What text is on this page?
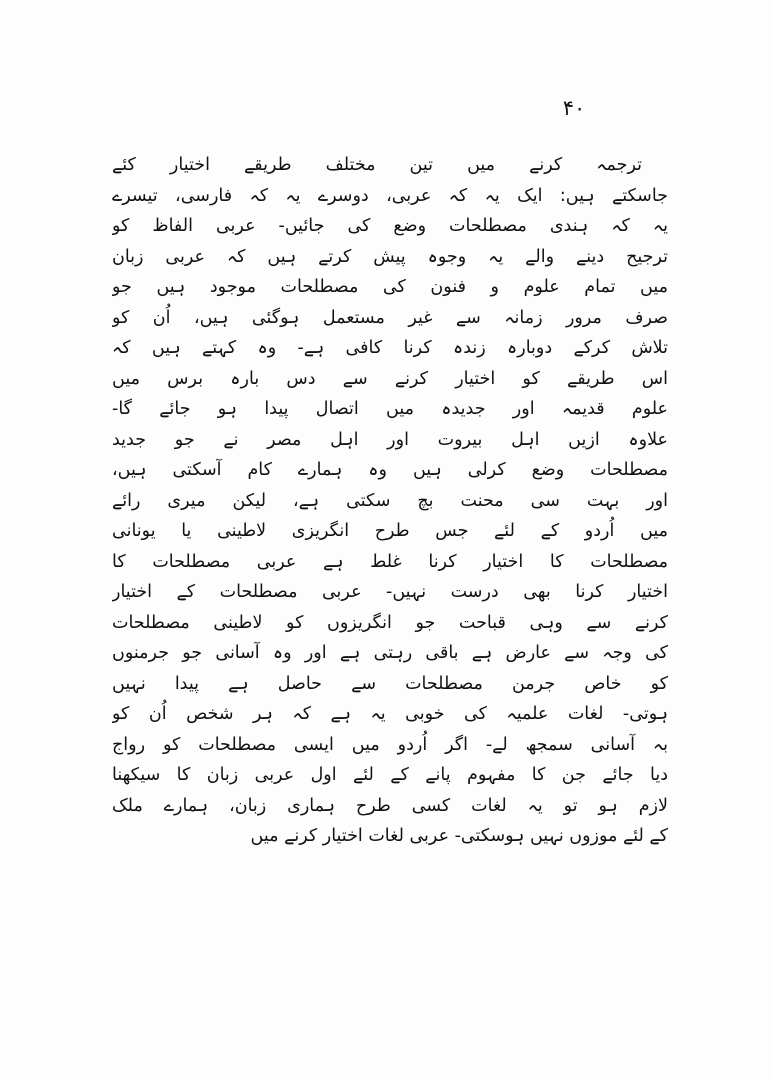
۴۰
ترجمہ کرنے میں تین مختلف طریقے اختیار کئے
جاسکتے ہیں: ایک یہ کہ عربی، دوسرے یہ کہ فارسی، تیسرے
یہ کہ ہندی مصطلحات وضع کی جائیں- عربی الفاظ کو
ترجیح دینے والے یہ وجوہ پیش کرتے ہیں کہ عربی زبان
میں تمام علوم و فنون کی مصطلحات موجود ہیں جو
صرف مرور زمانہ سے غیر مستعمل ہوگئی ہیں، اُن کو
تلاش کرکے دوبارہ زندہ کرنا کافی ہے- وہ کہتے ہیں کہ
اس طریقے کو اختیار کرنے سے دس بارہ برس میں
علوم قدیمہ اور جدیدہ میں اتصال پیدا ہو جائے گا-
علاوہ ازیں اہل بیروت اور اہل مصر نے جو جدید
مصطلحات وضع کرلی ہیں وہ ہمارے کام آسکتی ہیں،
اور بہت سی محنت بچ سکتی ہے، لیکن میری رائے
میں اُردو کے لئے جس طرح انگریزی لاطینی یا یونانی
مصطلحات کا اختیار کرنا غلط ہے عربی مصطلحات کا
اختیار کرنا بھی درست نہیں- عربی مصطلحات کے اختیار
کرنے سے وہی قباحت جو انگریزوں کو لاطینی مصطلحات
کی وجہ سے عارض ہے باقی رہتی ہے اور وہ آسانی جو جرمنوں
کو خاص جرمن مصطلحات سے حاصل ہے پیدا نہیں
ہوتی- لغات علمیہ کی خوبی یہ ہے کہ ہر شخص اُن کو
بہ آسانی سمجھ لے- اگر اُردو میں ایسی مصطلحات کو رواج
دیا جائے جن کا مفہوم پانے کے لئے اول عربی زبان کا سیکھنا
لازم ہو تو یہ لغات کسی طرح ہماری زبان، ہمارے ملک
کے لئے موزوں نہیں ہوسکتی- عربی لغات اختیار کرنے میں
